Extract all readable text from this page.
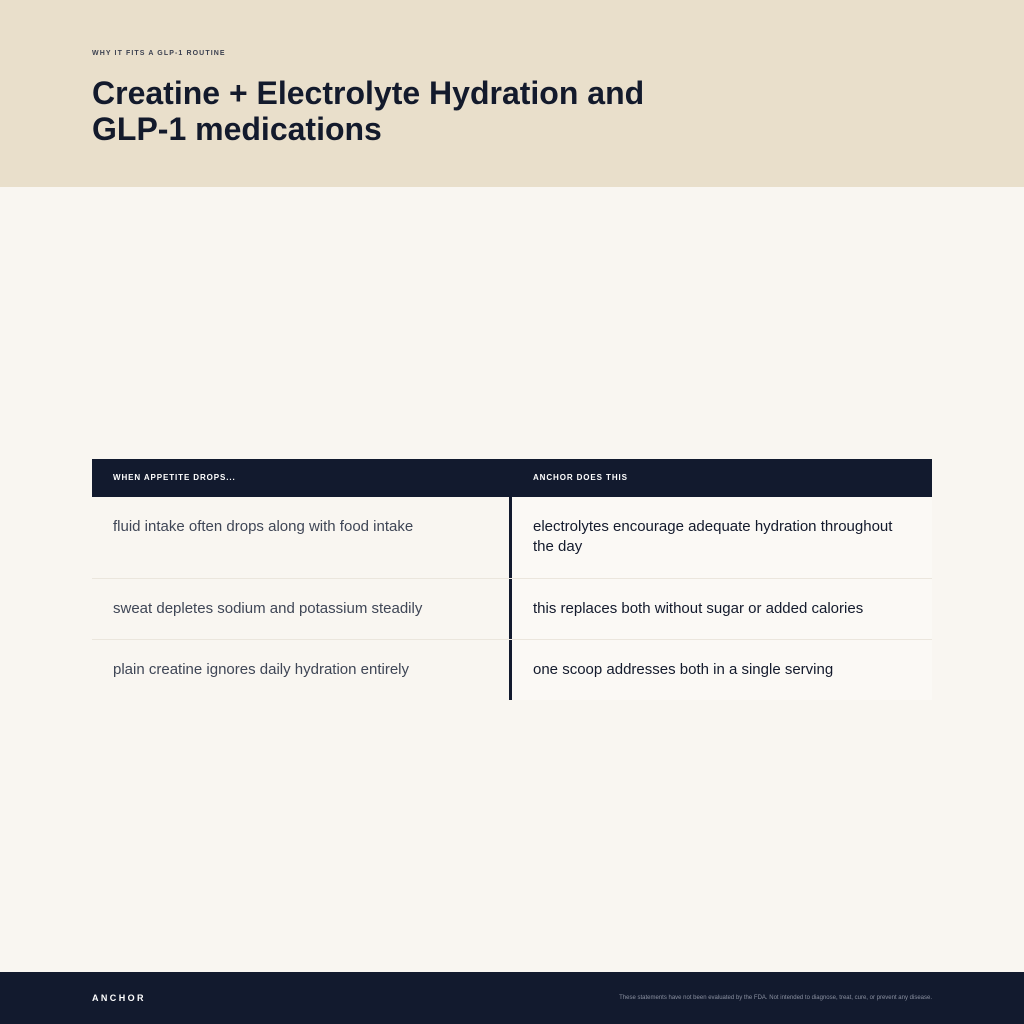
WHY IT FITS A GLP-1 ROUTINE
Creatine + Electrolyte Hydration and GLP-1 medications
WHEN APPETITE DROPS...	ANCHOR DOES THIS
fluid intake often drops along with food intake	electrolytes encourage adequate hydration throughout the day
sweat depletes sodium and potassium steadily	this replaces both without sugar or added calories
plain creatine ignores daily hydration entirely	one scoop addresses both in a single serving
ANCHOR	These statements have not been evaluated by the FDA. Not intended to diagnose, treat, cure, or prevent any disease.
